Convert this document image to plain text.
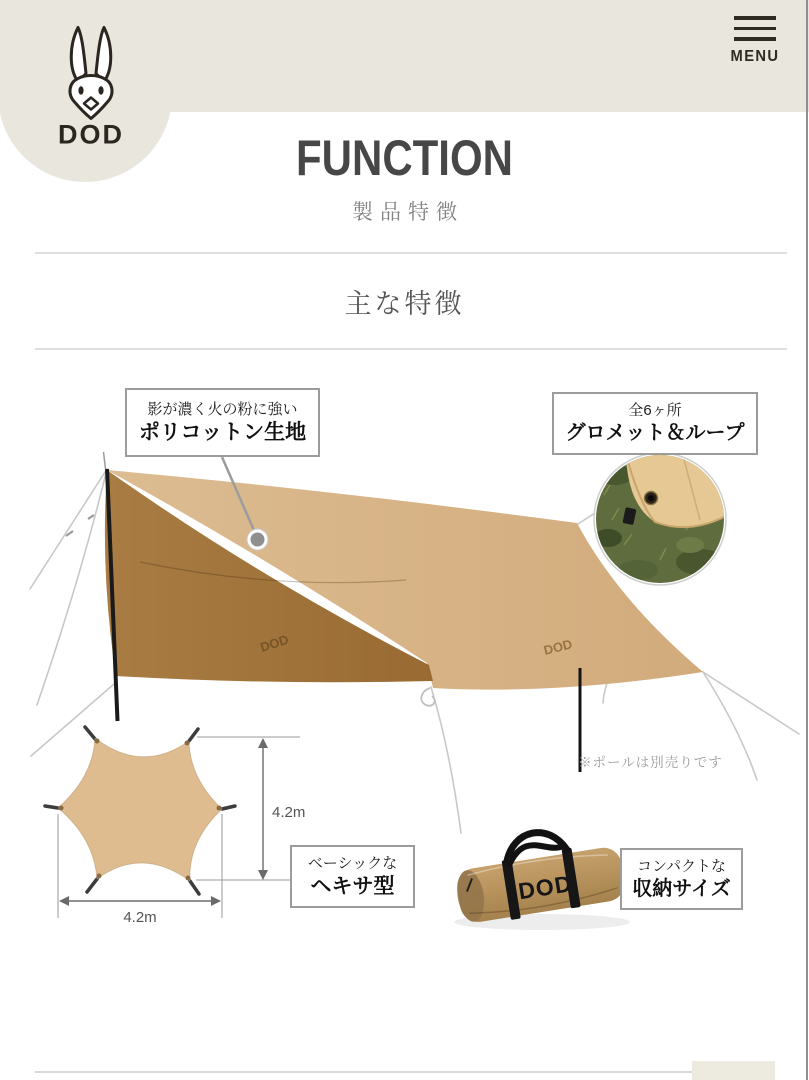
DOD
MENU
FUNCTION
製品特徴
主な特徴
DOD	DOD
4.2m
4.2m
DOD
影が濃く火の粉に強い
ポリコットン生地
全6ヶ所
グロメット＆ループ
ベーシックな
ヘキサ型
コンパクトな
収納サイズ
※ポールは別売りです
